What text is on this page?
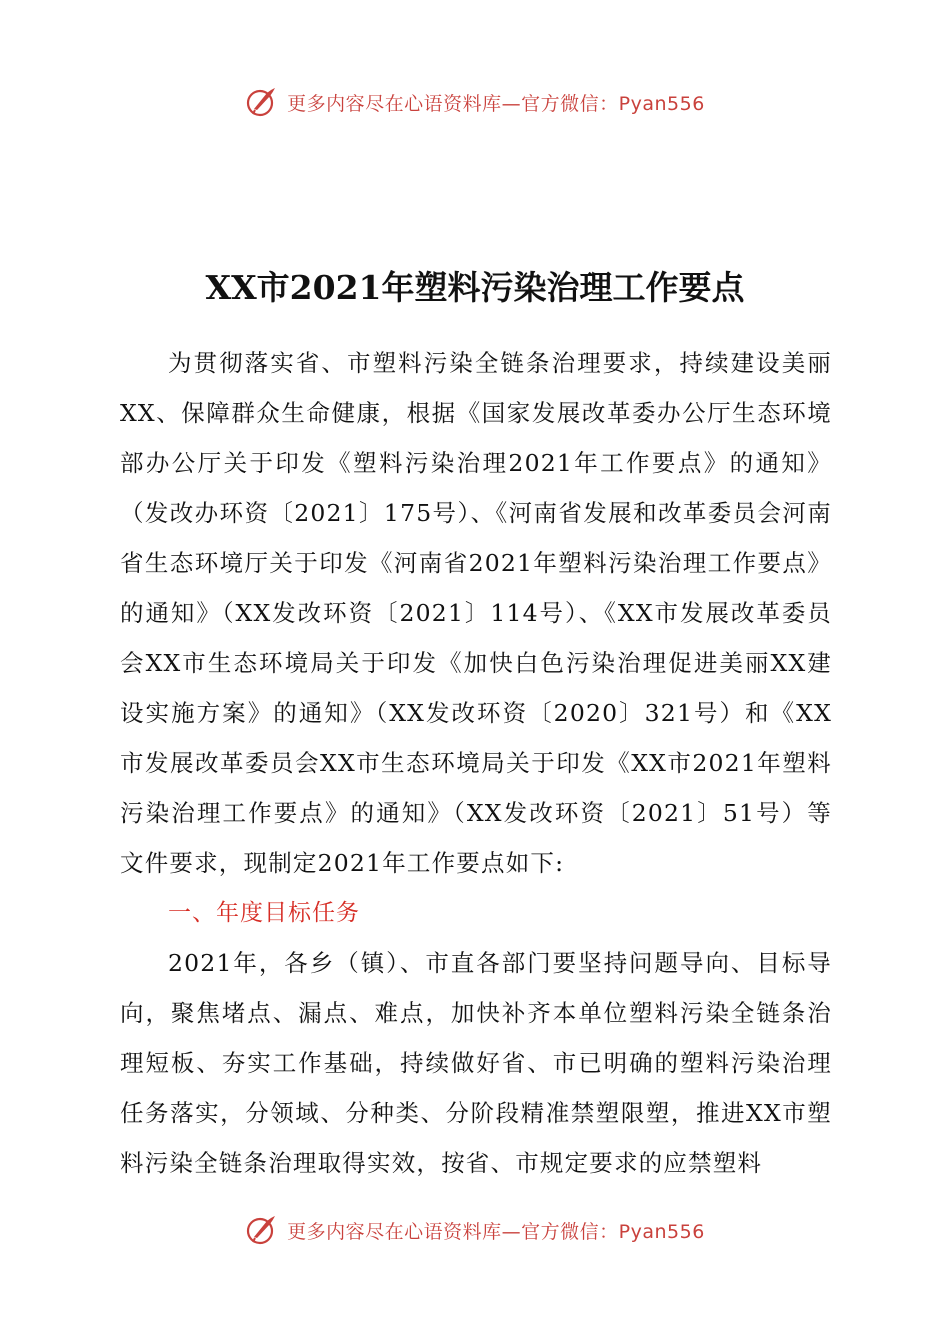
更多内容尽在心语资料库—官方微信：Pyan556
XX市2021年塑料污染治理工作要点

为贯彻落实省、市塑料污染全链条治理要求，持续建设美丽XX、保障群众生命健康，根据《国家发展改革委办公厅生态环境部办公厅关于印发《塑料污染治理2021年工作要点》的通知》（发改办环资〔2021〕175号）、《河南省发展和改革委员会河南省生态环境厅关于印发《河南省2021年塑料污染治理工作要点》的通知》（XX发改环资〔2021〕114号）、《XX市发展改革委员会XX市生态环境局关于印发《加快白色污染治理促进美丽XX建设实施方案》的通知》（XX发改环资〔2020〕321号）和《XX市发展改革委员会XX市生态环境局关于印发《XX市2021年塑料污染治理工作要点》的通知》（XX发改环资〔2021〕51号）等文件要求，现制定2021年工作要点如下:

一、年度目标任务

2021年，各乡（镇）、市直各部门要坚持问题导向、目标导向，聚焦堵点、漏点、难点，加快补齐本单位塑料污染全链条治理短板、夯实工作基础，持续做好省、市已明确的塑料污染治理任务落实，分领域、分种类、分阶段精准禁塑限塑，推进XX市塑料污染全链条治理取得实效，按省、市规定要求的应禁塑料

更多内容尽在心语资料库—官方微信：Pyan556
